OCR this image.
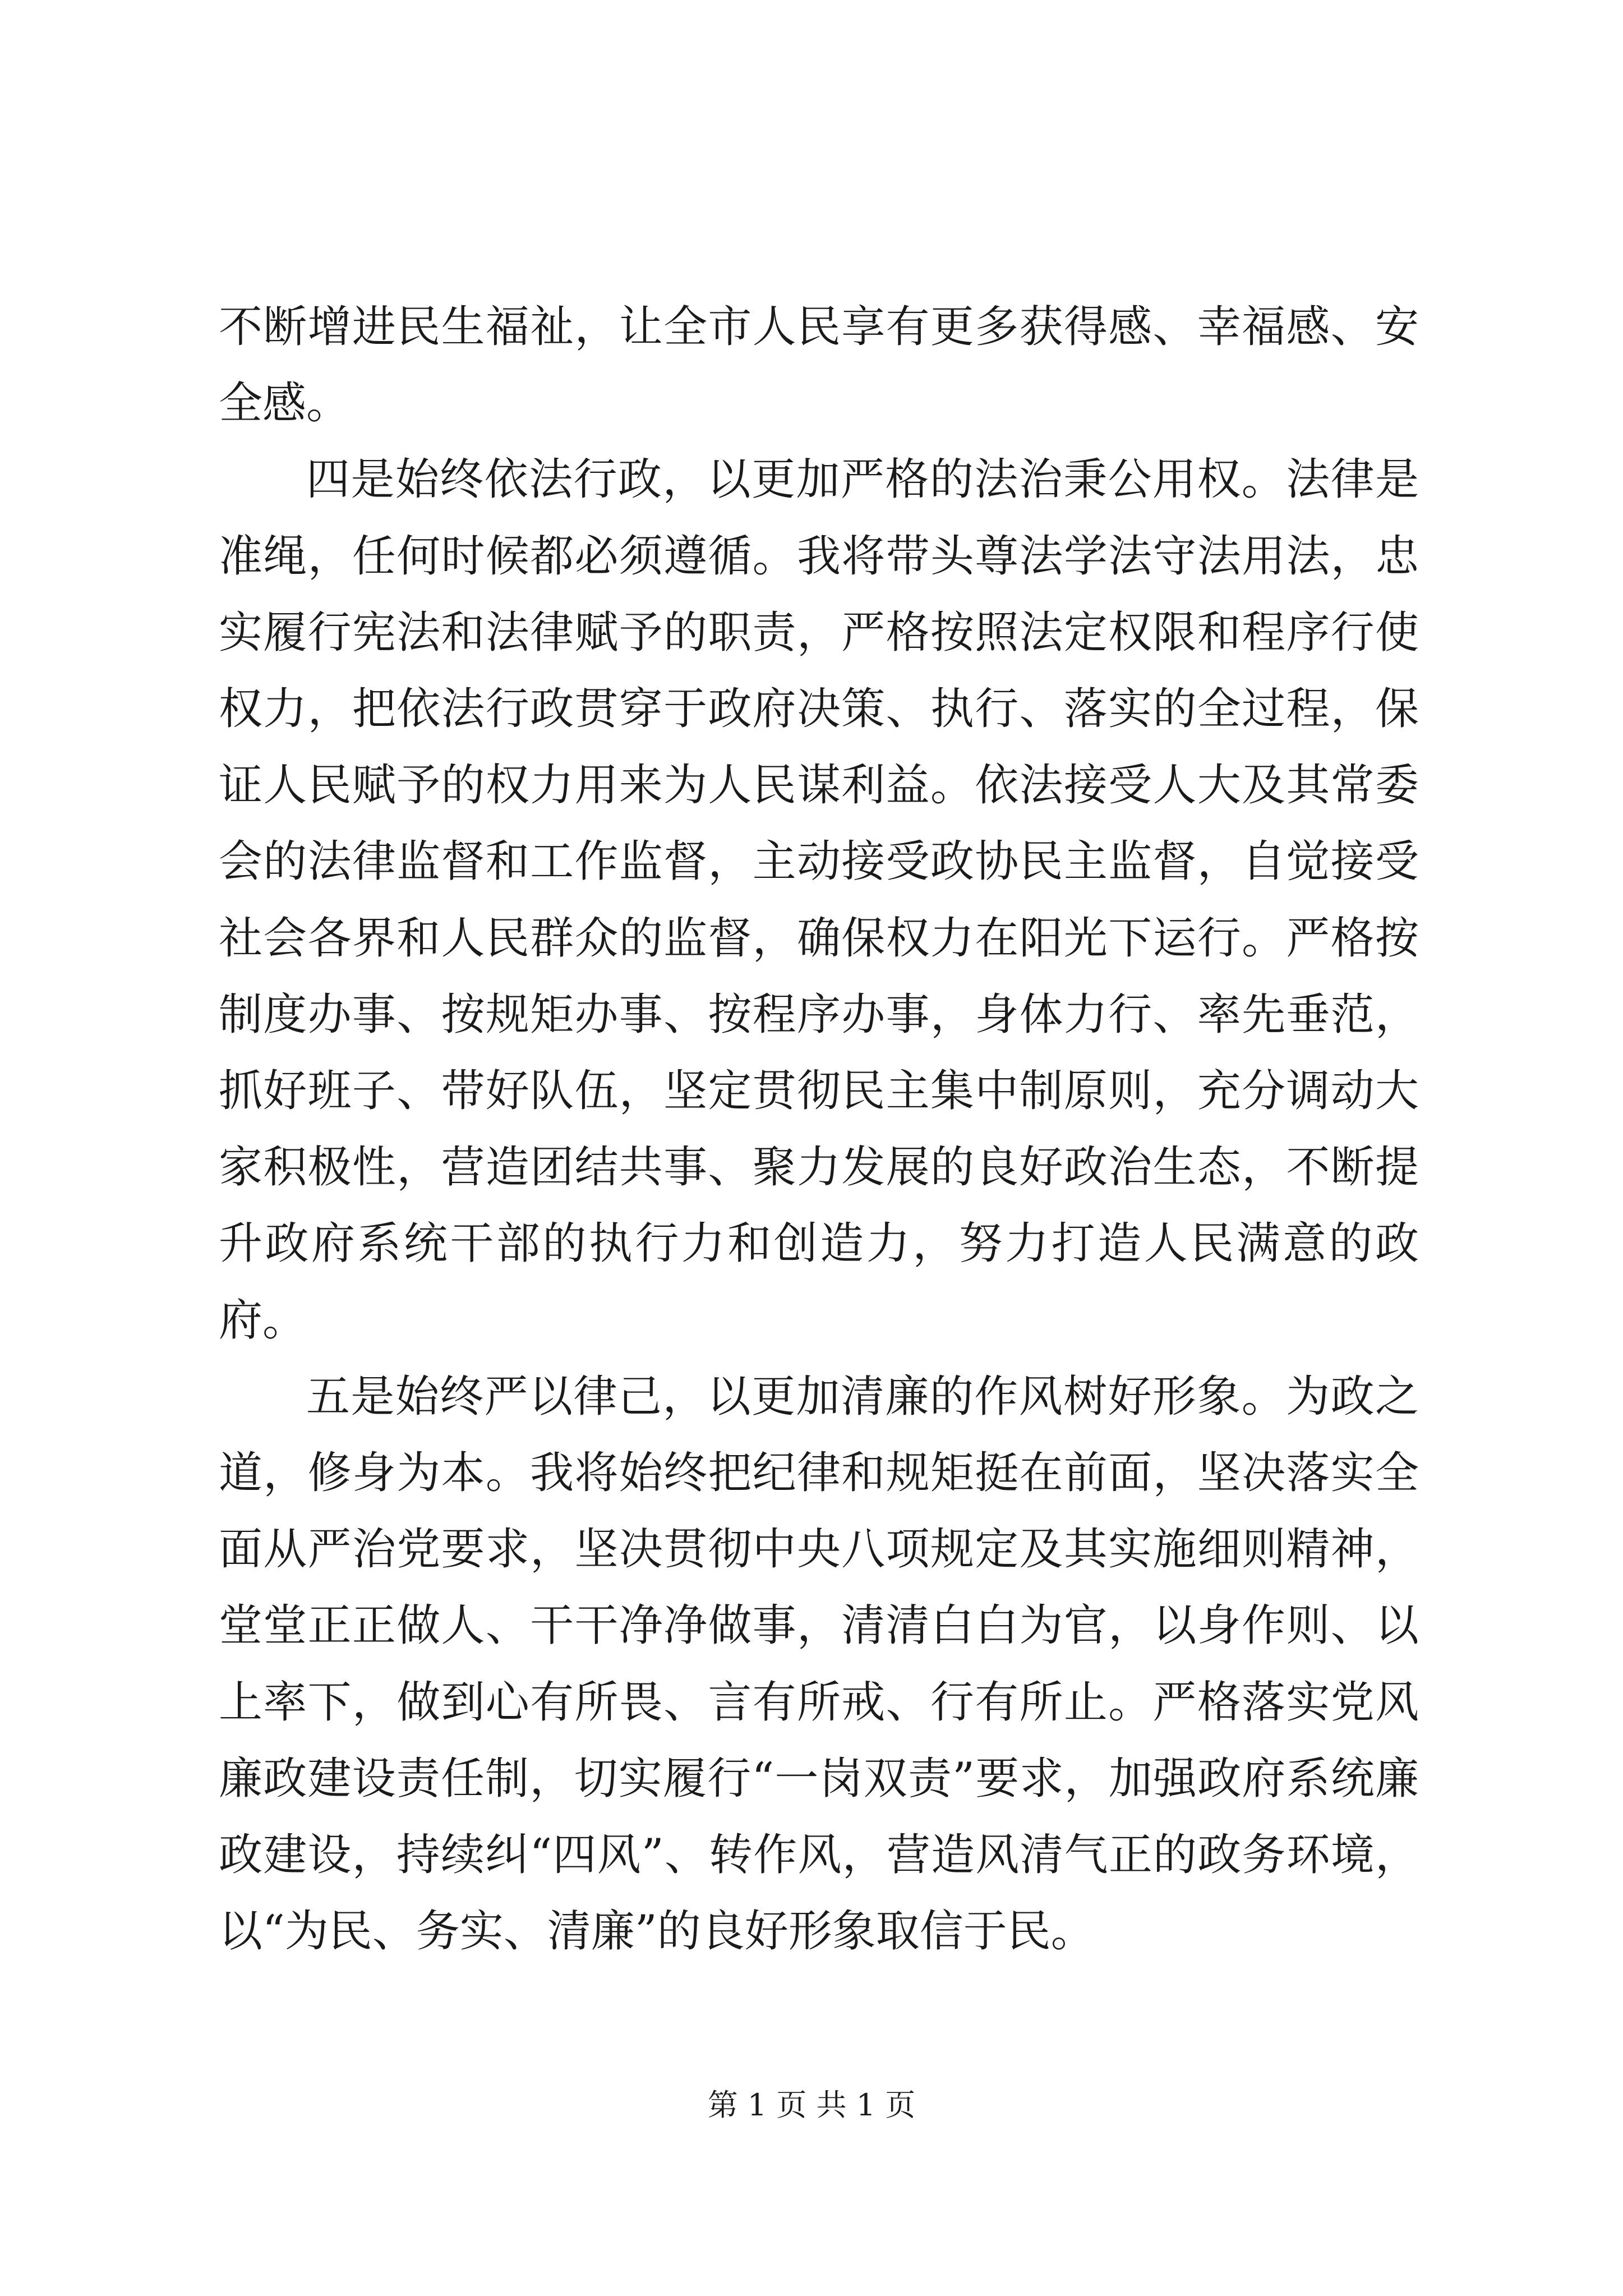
不断增进民生福祉，让全市人民享有更多获得感、幸福感、安全感。

四是始终依法行政，以更加严格的法治秉公用权。法律是准绳，任何时候都必须遵循。我将带头尊法学法守法用法，忠实履行宪法和法律赋予的职责，严格按照法定权限和程序行使权力，把依法行政贯穿于政府决策、执行、落实的全过程，保证人民赋予的权力用来为人民谋利益。依法接受人大及其常委会的法律监督和工作监督，主动接受政协民主监督，自觉接受社会各界和人民群众的监督，确保权力在阳光下运行。严格按制度办事、按规矩办事、按程序办事，身体力行、率先垂范，抓好班子、带好队伍，坚定贯彻民主集中制原则，充分调动大家积极性，营造团结共事、聚力发展的良好政治生态，不断提升政府系统干部的执行力和创造力，努力打造人民满意的政府。

五是始终严以律己，以更加清廉的作风树好形象。为政之道，修身为本。我将始终把纪律和规矩挺在前面，坚决落实全面从严治党要求，坚决贯彻中央八项规定及其实施细则精神，堂堂正正做人、干干净净做事，清清白白为官，以身作则、以上率下，做到心有所畏、言有所戒、行有所止。严格落实党风廉政建设责任制，切实履行“一岗双责”要求，加强政府系统廉政建设，持续纠“四风”、转作风，营造风清气正的政务环境，以“为民、务实、清廉”的良好形象取信于民。

第 1 页 共 1 页
